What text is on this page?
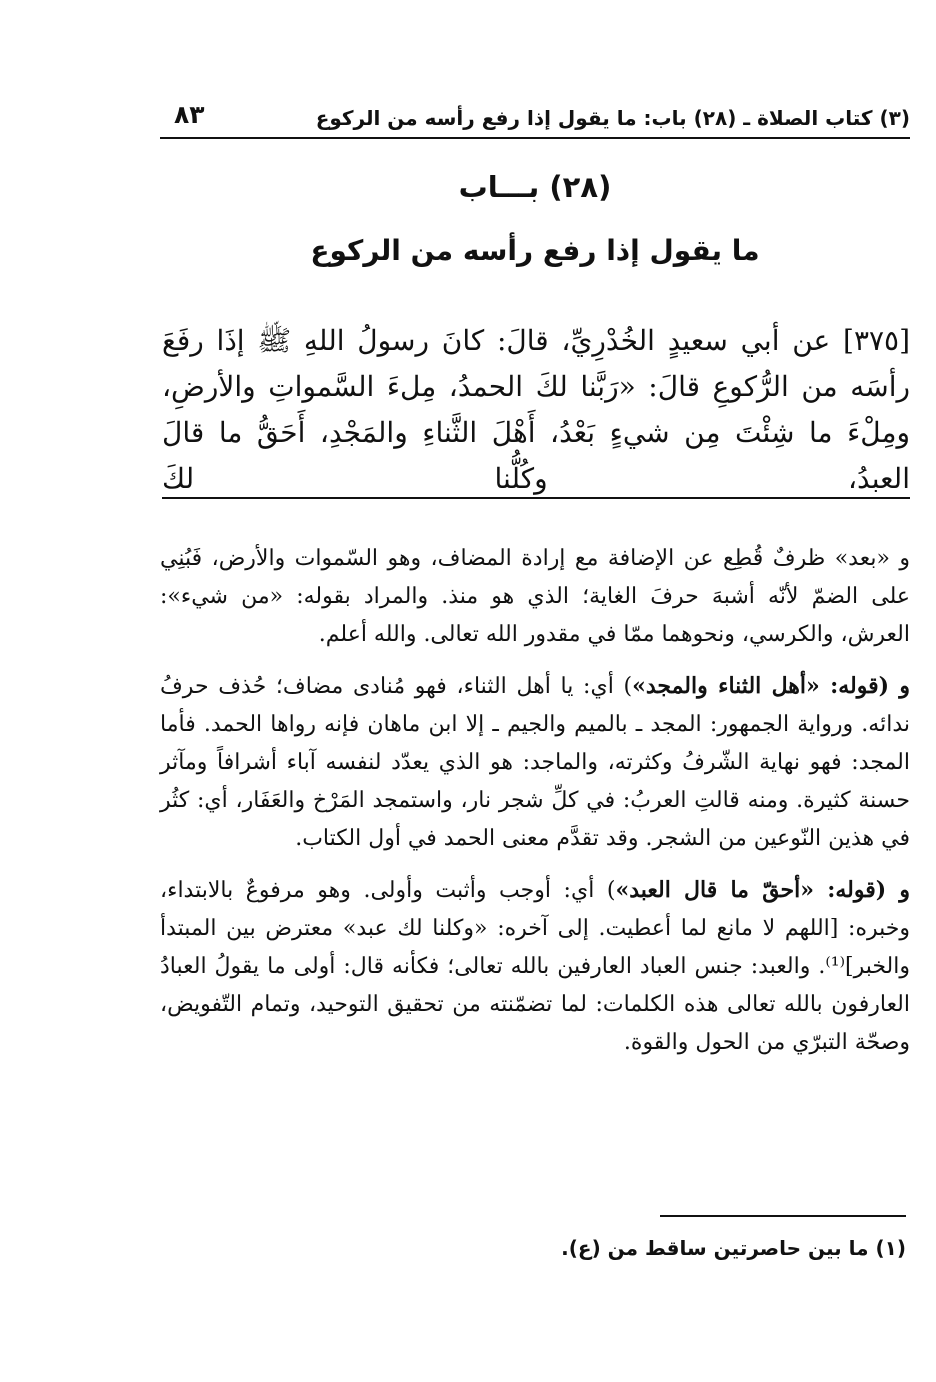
(٣) كتاب الصلاة ـ (٢٨) باب: ما يقول إذا رفع رأسه من الركوع
٨٣
(٢٨) بـــاب
ما يقول إذا رفع رأسه من الركوع

[٣٧٥] عن أبي سعيدٍ الخُدْرِيِّ، قالَ: كانَ رسولُ اللهِ ﷺ إذَا رفَعَ رأسَه من الرُّكوعِ قالَ: «رَبَّنا لكَ الحمدُ، مِلءَ السَّمواتِ والأرضِ، ومِلْءَ ما شِئْتَ مِن شيءٍ بَعْدُ، أَهْلَ الثَّناءِ والمَجْدِ، أَحَقُّ ما قالَ العبدُ، وكُلُّنا لكَ

و «بعد» ظرفٌ قُطِع عن الإضافة مع إرادة المضاف، وهو السّموات والأرض، فَبُنِي على الضمّ لأنّه أشبهَ حرفَ الغاية؛ الذي هو منذ. والمراد بقوله: «من شيء»: العرش، والكرسي، ونحوهما ممّا في مقدور الله تعالى. والله أعلم.

و (قوله: «أهل الثناء والمجد») أي: يا أهل الثناء، فهو مُنادى مضاف؛ حُذف حرفُ ندائه. ورواية الجمهور: المجد ـ بالميم والجيم ـ إلا ابن ماهان فإنه رواها الحمد. فأما المجد: فهو نهاية الشّرفُ وكثرته، والماجد: هو الذي يعدّد لنفسه آباء أشرافاً ومآثر حسنة كثيرة. ومنه قالتِ العربُ: في كلِّ شجر نار، واستمجد المَرْخ والعَفَار، أي: كثُر في هذين النّوعين من الشجر. وقد تقدَّم معنى الحمد في أول الكتاب.

و (قوله: «أحقّ ما قال العبد») أي: أوجب وأثبت وأولى. وهو مرفوعٌ بالابتداء، وخبره: [اللهم لا مانع لما أعطيت. إلى آخره: «وكلنا لك عبد» معترض بين المبتدأ والخبر]⁽¹⁾. والعبد: جنس العباد العارفين بالله تعالى؛ فكأنه قال: أولى ما يقولُ العبادُ العارفون بالله تعالى هذه الكلمات: لما تضمّنته من تحقيق التوحيد، وتمام التّفويض، وصحّة التبرّي من الحول والقوة.

(١) ما بين حاصرتين ساقط من (ع).
